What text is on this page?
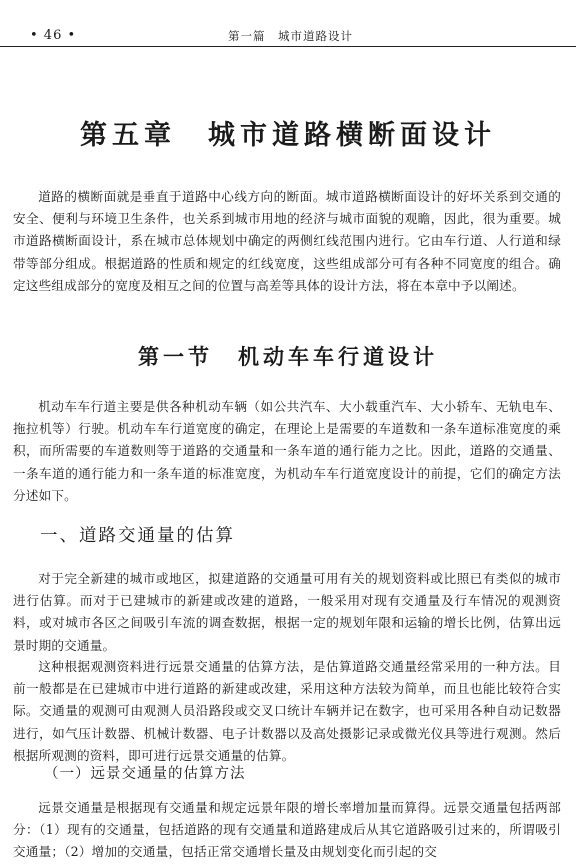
• 46 •	第一篇　城市道路设计
第五章　城市道路横断面设计

道路的横断面就是垂直于道路中心线方向的断面。城市道路横断面设计的好坏关系到交通的安全、便利与环境卫生条件，也关系到城市用地的经济与城市面貌的观瞻，因此，很为重要。城市道路横断面设计，系在城市总体规划中确定的两侧红线范围内进行。它由车行道、人行道和绿带等部分组成。根据道路的性质和规定的红线宽度，这些组成部分可有各种不同宽度的组合。确定这些组成部分的宽度及相互之间的位置与高差等具体的设计方法，将在本章中予以阐述。

第一节　机动车车行道设计

机动车车行道主要是供各种机动车辆（如公共汽车、大小载重汽车、大小轿车、无轨电车、拖拉机等）行驶。机动车车行道宽度的确定，在理论上是需要的车道数和一条车道标准宽度的乘积，而所需要的车道数则等于道路的交通量和一条车道的通行能力之比。因此，道路的交通量、一条车道的通行能力和一条车道的标准宽度，为机动车车行道宽度设计的前提，它们的确定方法分述如下。

一、道路交通量的估算

对于完全新建的城市或地区，拟建道路的交通量可用有关的规划资料或比照已有类似的城市进行估算。而对于已建城市的新建或改建的道路，一般采用对现有交通量及行车情况的观测资料，或对城市各区之间吸引车流的调查数据，根据一定的规划年限和运输的增长比例，估算出远景时期的交通量。

这种根据观测资料进行远景交通量的估算方法，是估算道路交通量经常采用的一种方法。目前一般都是在已建城市中进行道路的新建或改建，采用这种方法较为简单，而且也能比较符合实际。交通量的观测可由观测人员沿路段或交叉口统计车辆并记在数字，也可采用各种自动记数器进行，如气压计数器、机械计数器、电子计数器以及高处摄影记录或微光仪具等进行观测。然后根据所观测的资料，即可进行远景交通量的估算。

（一）远景交通量的估算方法

远景交通量是根据现有交通量和规定远景年限的增长率增加量而算得。远景交通量包括两部分：（1）现有的交通量，包括道路的现有交通量和道路建成后从其它道路吸引过来的，所谓吸引交通量；（2）增加的交通量，包括正常交通增长量及由规划变化而引起的交
